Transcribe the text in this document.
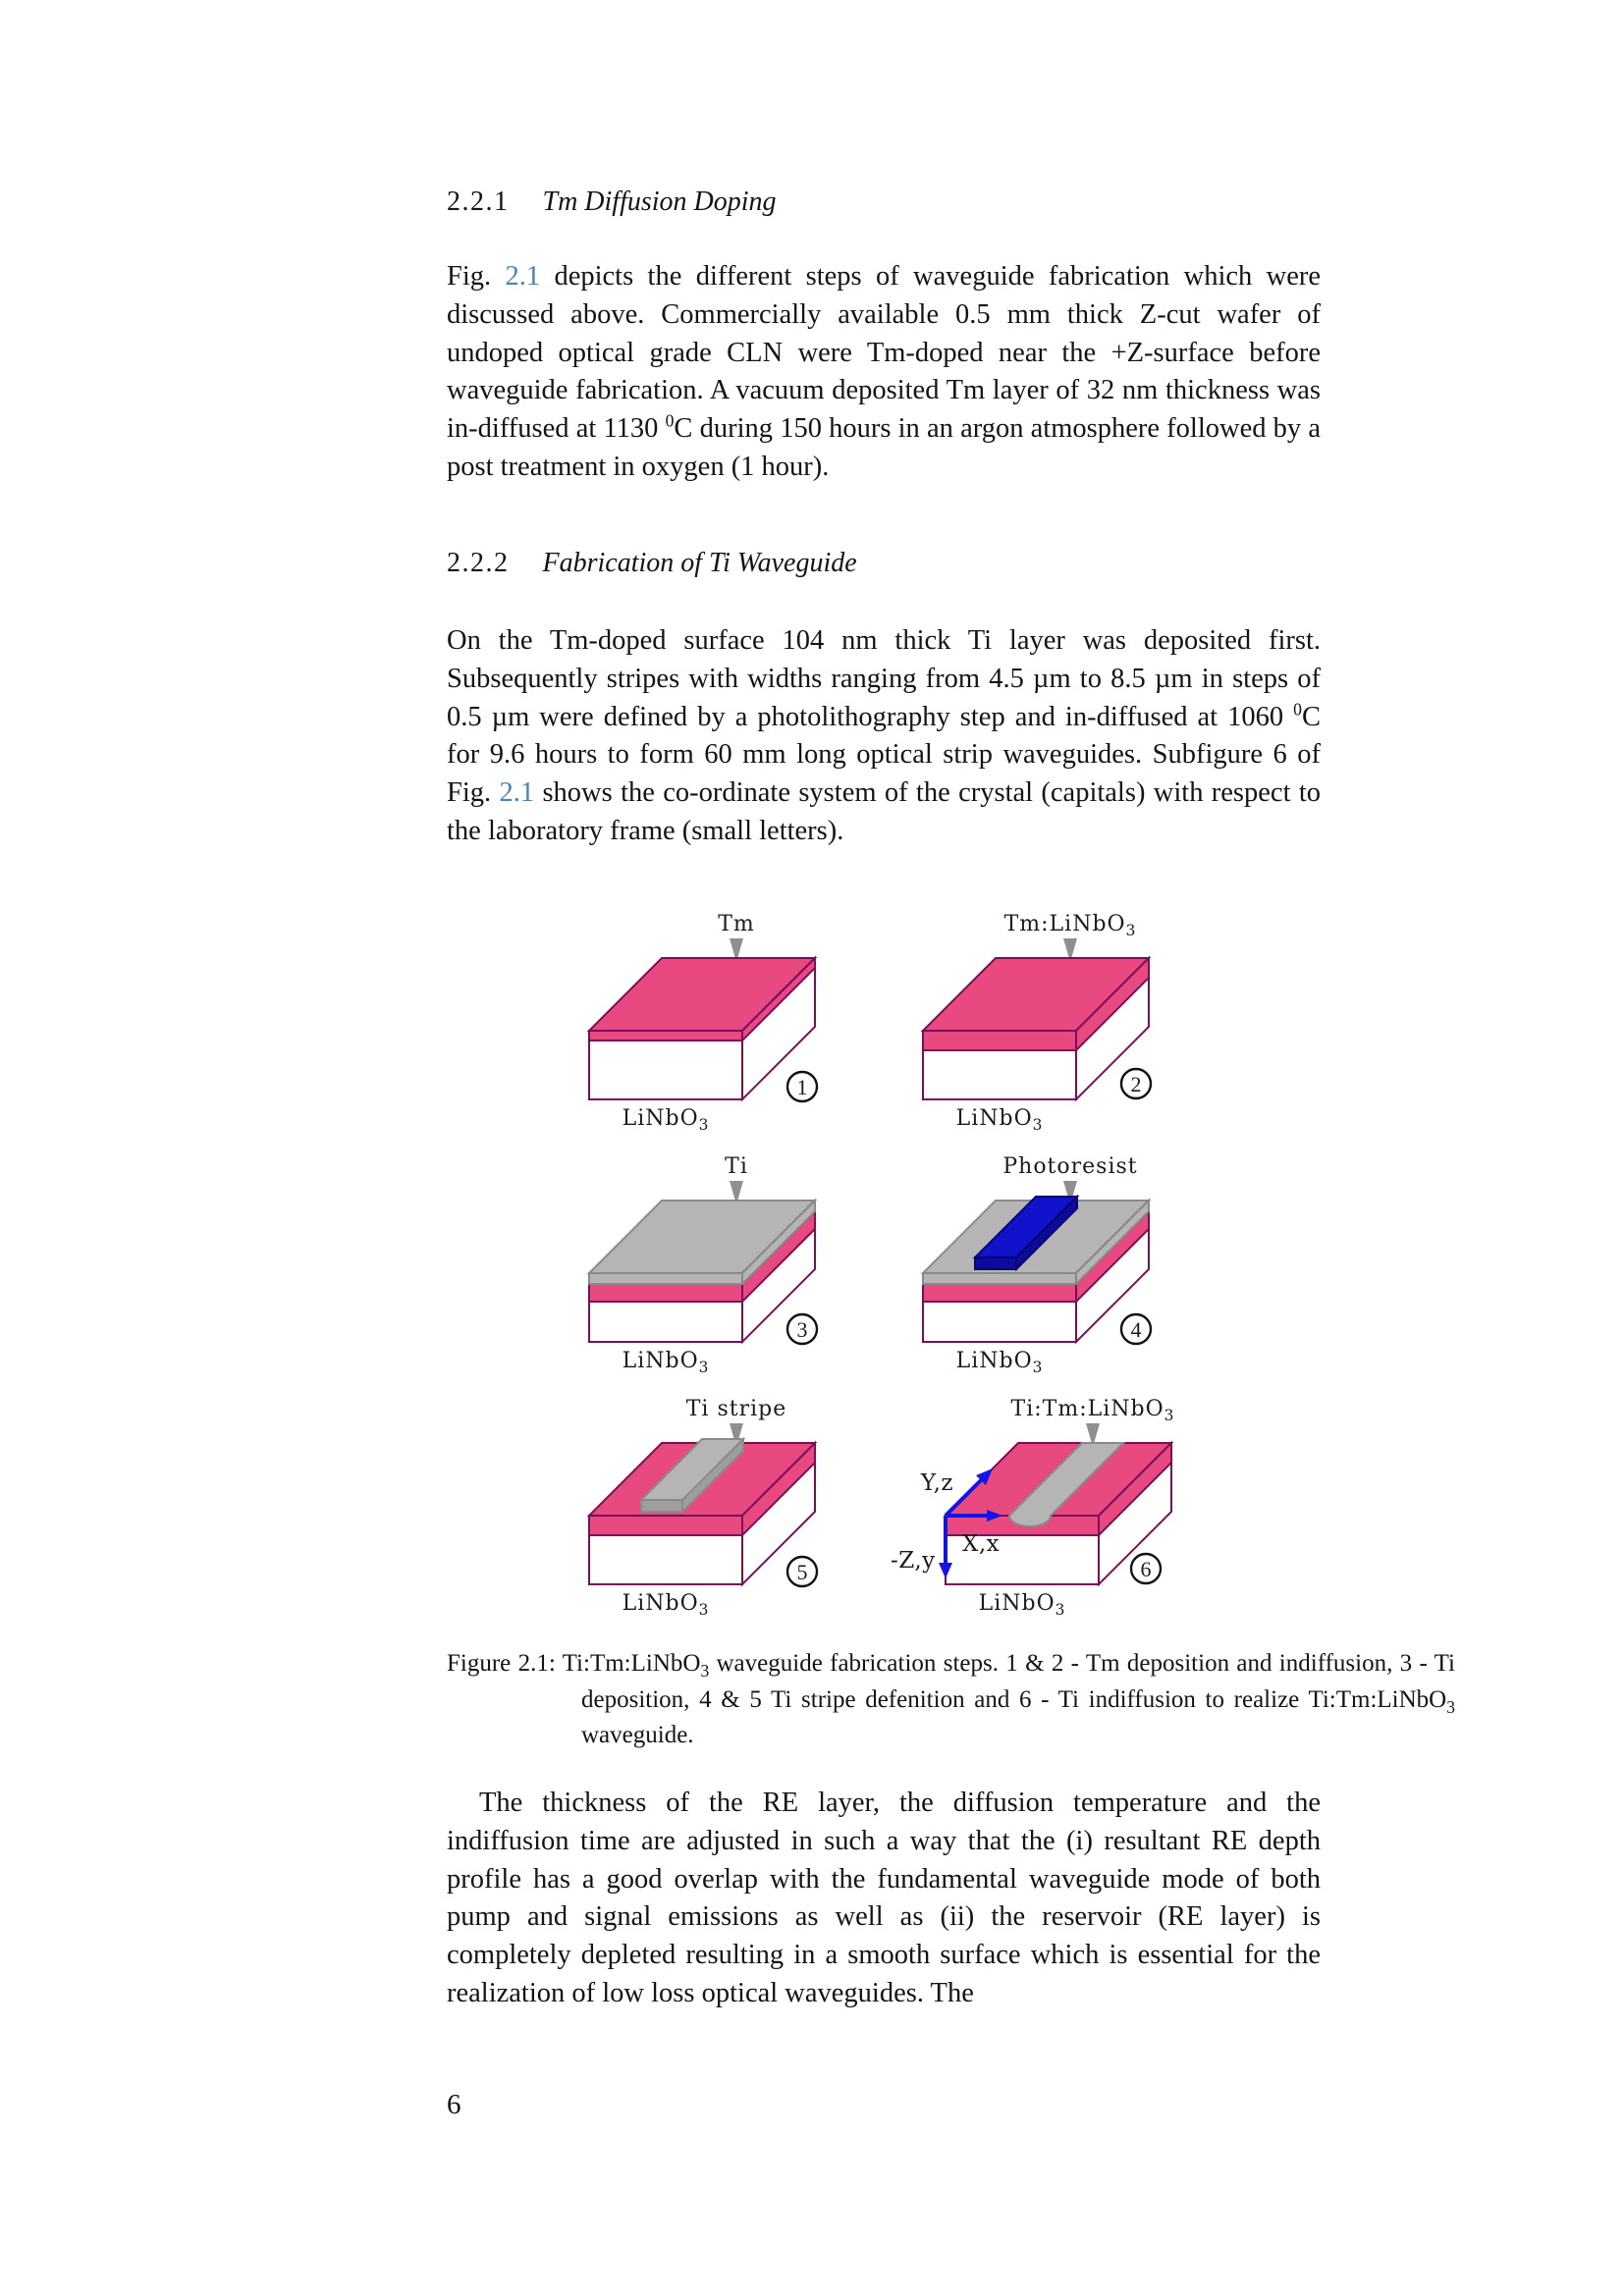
2.2.1 Tm Diffusion Doping
Fig. 2.1 depicts the different steps of waveguide fabrication which were discussed above. Commercially available 0.5 mm thick Z-cut wafer of undoped optical grade CLN were Tm-doped near the +Z-surface before waveguide fabrication. A vacuum deposited Tm layer of 32 nm thickness was in-diffused at 1130 $^0$C during 150 hours in an argon atmosphere followed by a post treatment in oxygen (1 hour).
2.2.2 Fabrication of Ti Waveguide
On the Tm-doped surface 104 nm thick Ti layer was deposited first. Subsequently stripes with widths ranging from 4.5 µm to 8.5 µm in steps of 0.5 µm were defined by a photolithography step and in-diffused at 1060 $^0$C for 9.6 hours to form 60 mm long optical strip waveguides. Subfigure 6 of Fig. 2.1 shows the co-ordinate system of the crystal (capitals) with respect to the laboratory frame (small letters).
Tm
LiNbO$_3$
1
Tm:LiNbO$_3$
LiNbO$_3$
2
Ti
LiNbO$_3$
3
Photoresist
LiNbO$_3$
4
Ti stripe
LiNbO$_3$
5
Ti:Tm:LiNbO$_3$
Y,z
X,x
-Z,y
LiNbO$_3$
6
Figure 2.1: Ti:Tm:LiNbO$_3$ waveguide fabrication steps. 1 & 2 - Tm deposition and indiffusion, 3 - Ti deposition, 4 & 5 Ti stripe defenition and 6 - Ti indiffusion to realize Ti:Tm:LiNbO$_3$ waveguide.
The thickness of the RE layer, the diffusion temperature and the indiffusion time are adjusted in such a way that the (i) resultant RE depth profile has a good overlap with the fundamental waveguide mode of both pump and signal emissions as well as (ii) the reservoir (RE layer) is completely depleted resulting in a smooth surface which is essential for the realization of low loss optical waveguides. The
6
